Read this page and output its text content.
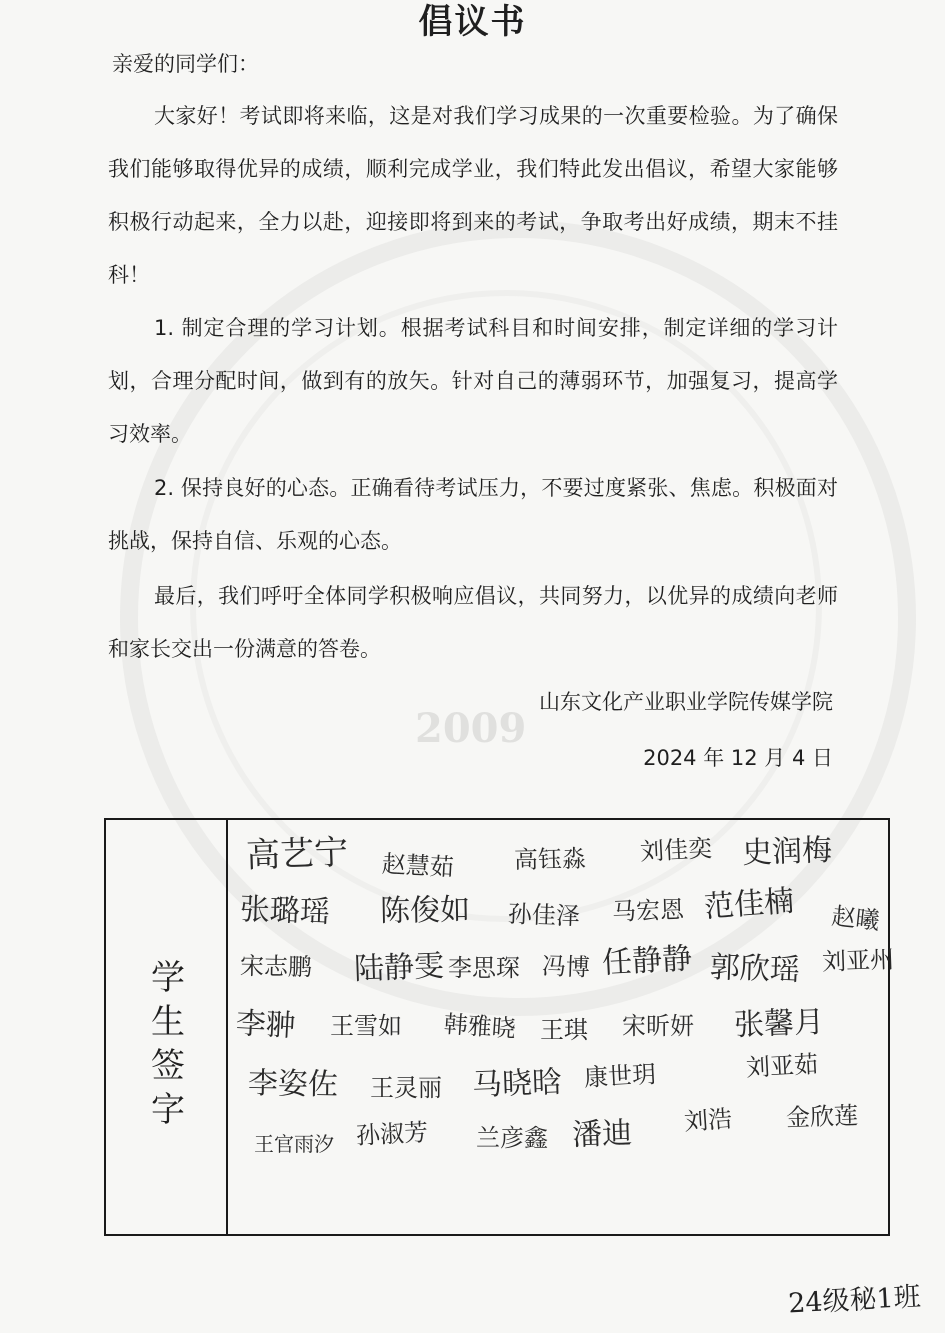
2009
倡议书
亲爱的同学们：
大家好！考试即将来临，这是对我们学习成果的一次重要检验。为了确保我们能够取得优异的成绩，顺利完成学业，我们特此发出倡议，希望大家能够积极行动起来，全力以赴，迎接即将到来的考试，争取考出好成绩，期末不挂科！
1. 制定合理的学习计划。根据考试科目和时间安排，制定详细的学习计划，合理分配时间，做到有的放矢。针对自己的薄弱环节，加强复习，提高学习效率。
2. 保持良好的心态。正确看待考试压力，不要过度紧张、焦虑。积极面对挑战，保持自信、乐观的心态。
最后，我们呼吁全体同学积极响应倡议，共同努力，以优异的成绩向老师和家长交出一份满意的答卷。
山东文化产业职业学院传媒学院
2024 年 12 月 4 日
学生签字
高艺宁 赵慧茹 高钰淼 刘佳奕 史润梅
张璐瑶 陈俊如 孙佳泽 马宏恩 范佳楠 赵曦
宋志鹏 陆静雯 李思琛 冯博 任静静 郭欣瑶 刘亚州
李翀 王雪如 韩雅晓 王琪 宋昕妍 张馨月
李姿佐 王灵丽 马晓晗 康世玥	刘亚茹
王官雨汐 孙淑芳 兰彦鑫 潘迪 刘浩 金欣莲
24级秘1班
